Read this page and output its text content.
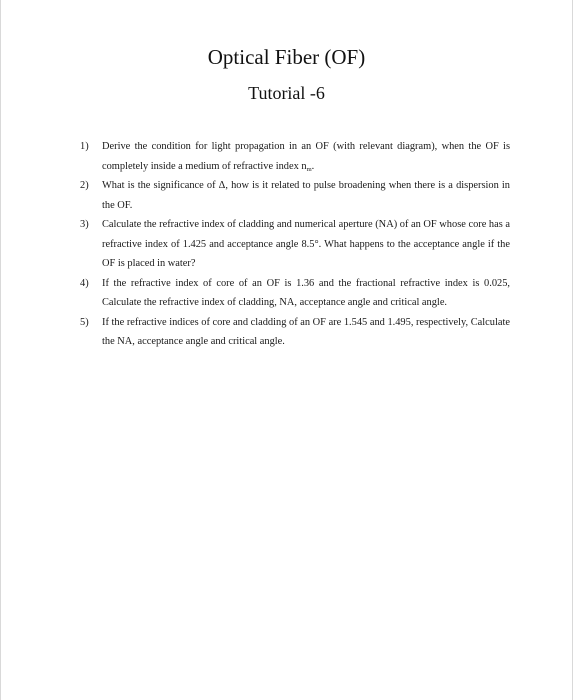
Optical Fiber (OF)
Tutorial -6
1) Derive the condition for light propagation in an OF (with relevant diagram), when the OF is completely inside a medium of refractive index $n_m$.
2) What is the significance of Δ, how is it related to pulse broadening when there is a dispersion in the OF.
3) Calculate the refractive index of cladding and numerical aperture (NA) of an OF whose core has a refractive index of 1.425 and acceptance angle 8.5°. What happens to the acceptance angle if the OF is placed in water?
4) If the refractive index of core of an OF is 1.36 and the fractional refractive index is 0.025, Calculate the refractive index of cladding, NA, acceptance angle and critical angle.
5) If the refractive indices of core and cladding of an OF are 1.545 and 1.495, respectively, Calculate the NA, acceptance angle and critical angle.
